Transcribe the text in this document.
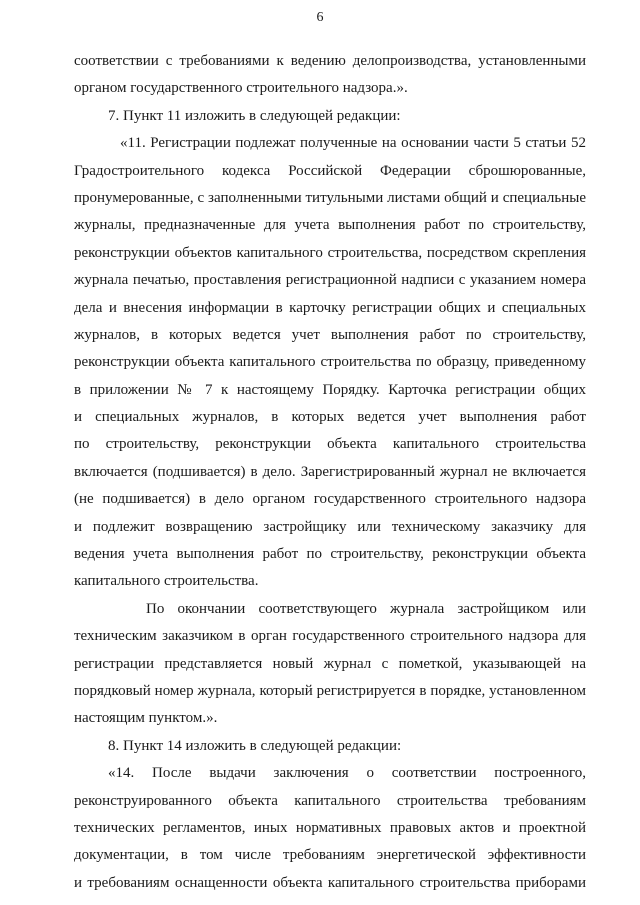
6
соответствии с требованиями к ведению делопроизводства, установленными
органом государственного строительного надзора.».
7. Пункт 11 изложить в следующей редакции:
«11. Регистрации подлежат полученные на основании части 5 статьи 52
Градостроительного кодекса Российской Федерации сброшюрованные,
пронумерованные, с заполненными титульными листами общий и специальные
журналы, предназначенные для учета выполнения работ по строительству,
реконструкции объектов капитального строительства, посредством скрепления
журнала печатью, проставления регистрационной надписи с указанием номера
дела и внесения информации в карточку регистрации общих и специальных
журналов, в которых ведется учет выполнения работ по строительству,
реконструкции объекта капитального строительства по образцу, приведенному
в приложении № 7 к настоящему Порядку. Карточка регистрации общих
и специальных журналов, в которых ведется учет выполнения работ
по строительству, реконструкции объекта капитального строительства
включается (подшивается) в дело. Зарегистрированный журнал не включается
(не подшивается) в дело органом государственного строительного надзора
и подлежит возвращению застройщику или техническому заказчику для
ведения учета выполнения работ по строительству, реконструкции объекта
капитального строительства.
По окончании соответствующего журнала застройщиком или
техническим заказчиком в орган государственного строительного надзора для
регистрации представляется новый журнал с пометкой, указывающей на
порядковый номер журнала, который регистрируется в порядке, установленном
настоящим пунктом.».
8. Пункт 14 изложить в следующей редакции:
«14. После выдачи заключения о соответствии построенного,
реконструированного объекта капитального строительства требованиям
технических регламентов, иных нормативных правовых актов и проектной
документации, в том числе требованиям энергетической эффективности
и требованиям оснащенности объекта капитального строительства приборами
